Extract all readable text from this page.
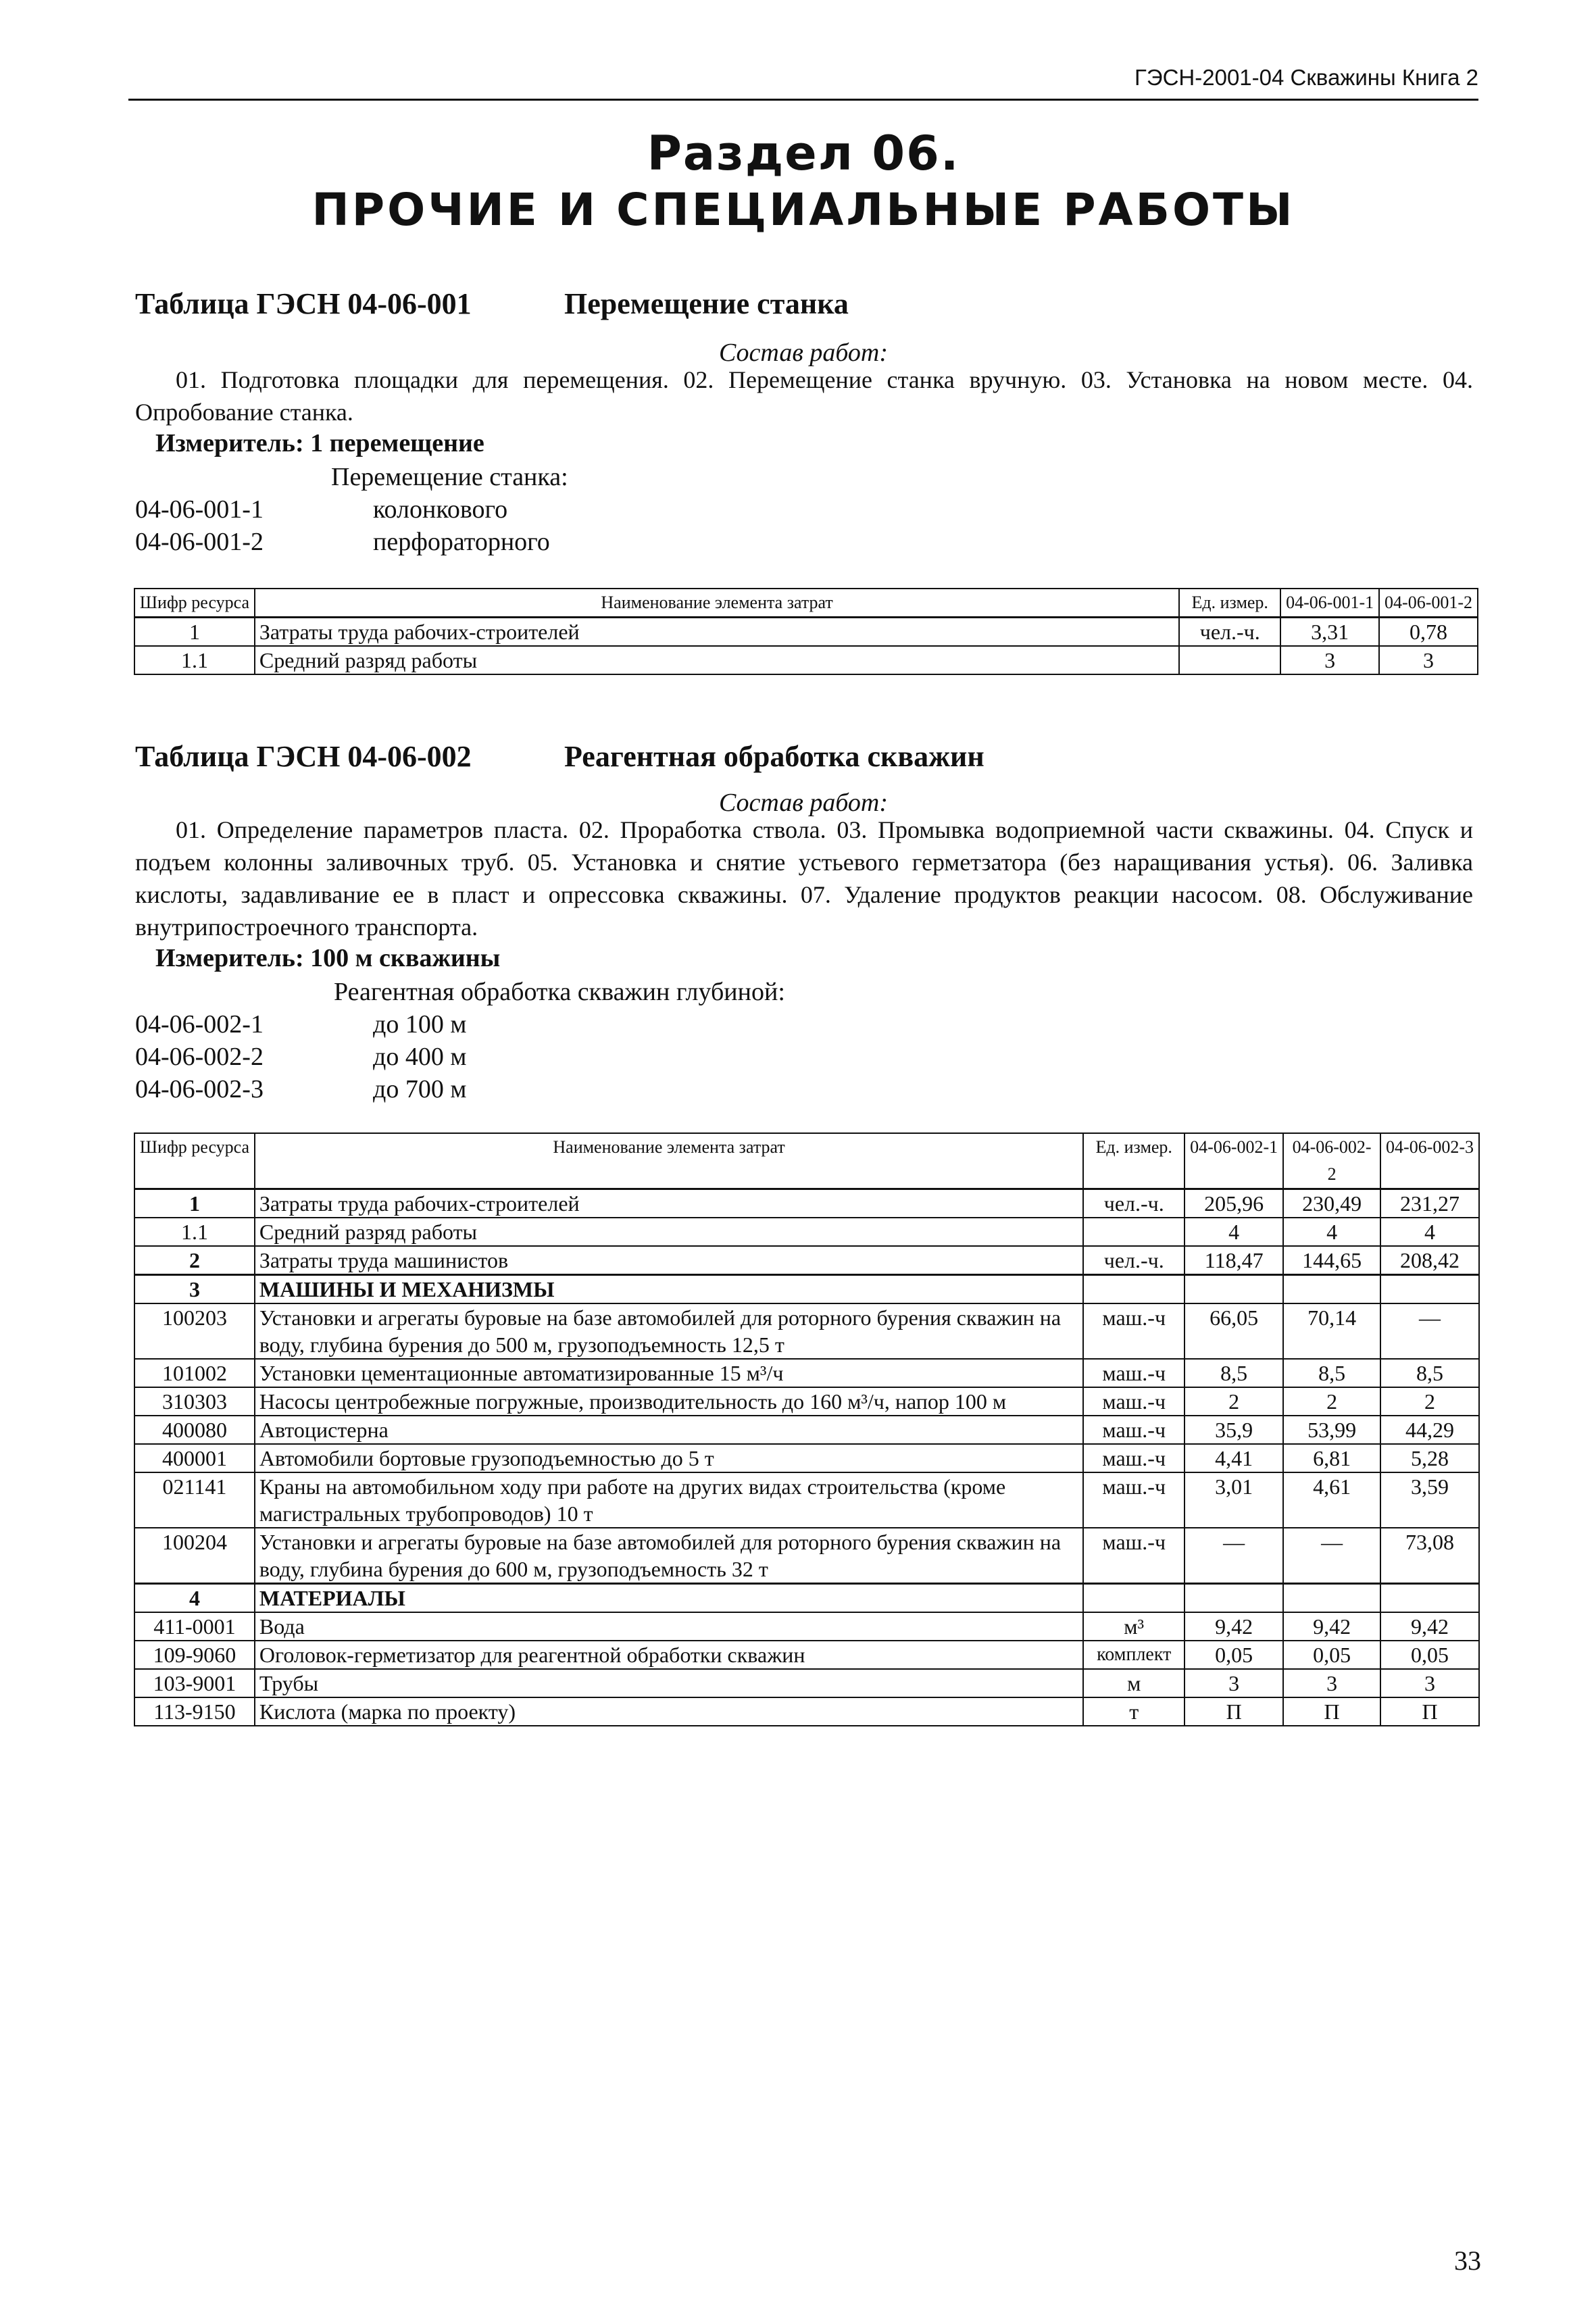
ГЭСН-2001-04 Скважины Книга 2
Раздел 06.
ПРОЧИЕ И СПЕЦИАЛЬНЫЕ РАБОТЫ
Таблица ГЭСН 04-06-001	Перемещение станка
Состав работ:

01. Подготовка площадки для перемещения. 02. Перемещение станка вручную. 03. Установка на новом месте. 04. Опробование станка.

Измеритель: 1 перемещение
Перемещение станка:
04-06-001-1	колонкового
04-06-001-2	перфораторного
Шифр ресурса	Наименование элемента затрат	Ед. измер.	04-06-001-1	04-06-001-2
1	Затраты труда рабочих-строителей	чел.-ч.	3,31	0,78
1.1	Средний разряд работы		3	3
Таблица ГЭСН 04-06-002	Реагентная обработка скважин
Состав работ:

01. Определение параметров пласта. 02. Проработка ствола. 03. Промывка водоприемной части скважины. 04. Спуск и подъем колонны заливочных труб. 05. Установка и снятие устьевого герметзатора (без наращивания устья). 06. Заливка кислоты, задавливание ее в пласт и опрессовка скважины. 07. Удаление продуктов реакции насосом. 08. Обслуживание внутрипостроечного транспорта.

Измеритель: 100 м скважины
Реагентная обработка скважин глубиной:
04-06-002-1	до 100 м
04-06-002-2	до 400 м
04-06-002-3	до 700 м
Шифр ресурса	Наименование элемента затрат	Ед. измер.	04-06-002-1	04-06-002-2	04-06-002-3
1	Затраты труда рабочих-строителей	чел.-ч.	205,96	230,49	231,27
1.1	Средний разряд работы		4	4	4
2	Затраты труда машинистов	чел.-ч.	118,47	144,65	208,42
3	МАШИНЫ И МЕХАНИЗМЫ				
100203	Установки и агрегаты буровые на базе автомобилей для роторного бурения скважин на воду, глубина бурения до 500 м, грузоподъемность 12,5 т	маш.-ч	66,05	70,14	—
101002	Установки цементационные автоматизированные 15 м³/ч	маш.-ч	8,5	8,5	8,5
310303	Насосы центробежные погружные, производительность до 160 м³/ч, напор 100 м	маш.-ч	2	2	2
400080	Автоцистерна	маш.-ч	35,9	53,99	44,29
400001	Автомобили бортовые грузоподъемностью до 5 т	маш.-ч	4,41	6,81	5,28
021141	Краны на автомобильном ходу при работе на других видах строительства (кроме магистральных трубопроводов) 10 т	маш.-ч	3,01	4,61	3,59
100204	Установки и агрегаты буровые на базе автомобилей для роторного бурения скважин на воду, глубина бурения до 600 м, грузоподъемность 32 т	маш.-ч	—	—	73,08
4	МАТЕРИАЛЫ				
411-0001	Вода	м³	9,42	9,42	9,42
109-9060	Оголовок-герметизатор для реагентной обработки скважин	комплект	0,05	0,05	0,05
103-9001	Трубы	м	3	3	3
113-9150	Кислота (марка по проекту)	т	П	П	П
33
